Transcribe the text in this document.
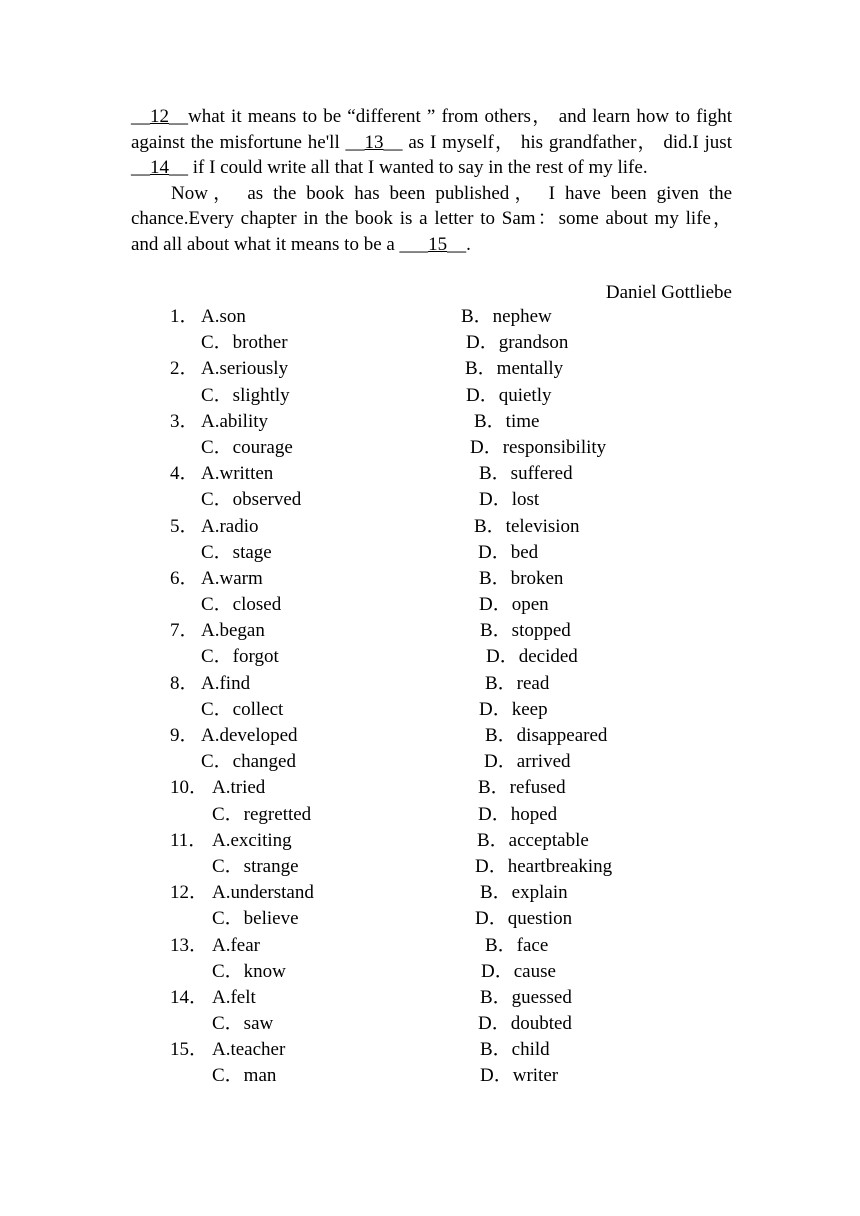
__12__what it means to be “different ” from others， and learn how to fight against the misfortune he'll __13__ as I myself， his grandfather， did.I just __14__ if I could write all that I wanted to say in the rest of my life.

Now， as the book has been published， I have been given the chance.Every chapter in the book is a letter to Sam：some about my life， and all about what it means to be a ___15__.

Daniel Gottliebe
1． A.son	B．nephew
C．brother	D．grandson
2． A.seriously	B．mentally
C．slightly	D．quietly
3． A.ability	B．time
C．courage	D．responsibility
4． A.written	B．suffered
C．observed	D．lost
5． A.radio	B．television
C．stage	D．bed
6． A.warm	B．broken
C．closed	D．open
7． A.began	B．stopped
C．forgot	D．decided
8． A.find	B．read
C．collect	D．keep
9． A.developed	B．disappeared
C．changed	D．arrived
10． A.tried	B．refused
C．regretted	D．hoped
11． A.exciting	B．acceptable
C．strange	D．heartbreaking
12． A.understand	B．explain
C．believe	D．question
13． A.fear	B．face
C．know	D．cause
14． A.felt	B．guessed
C．saw	D．doubted
15． A.teacher	B．child
C．man	D．writer
